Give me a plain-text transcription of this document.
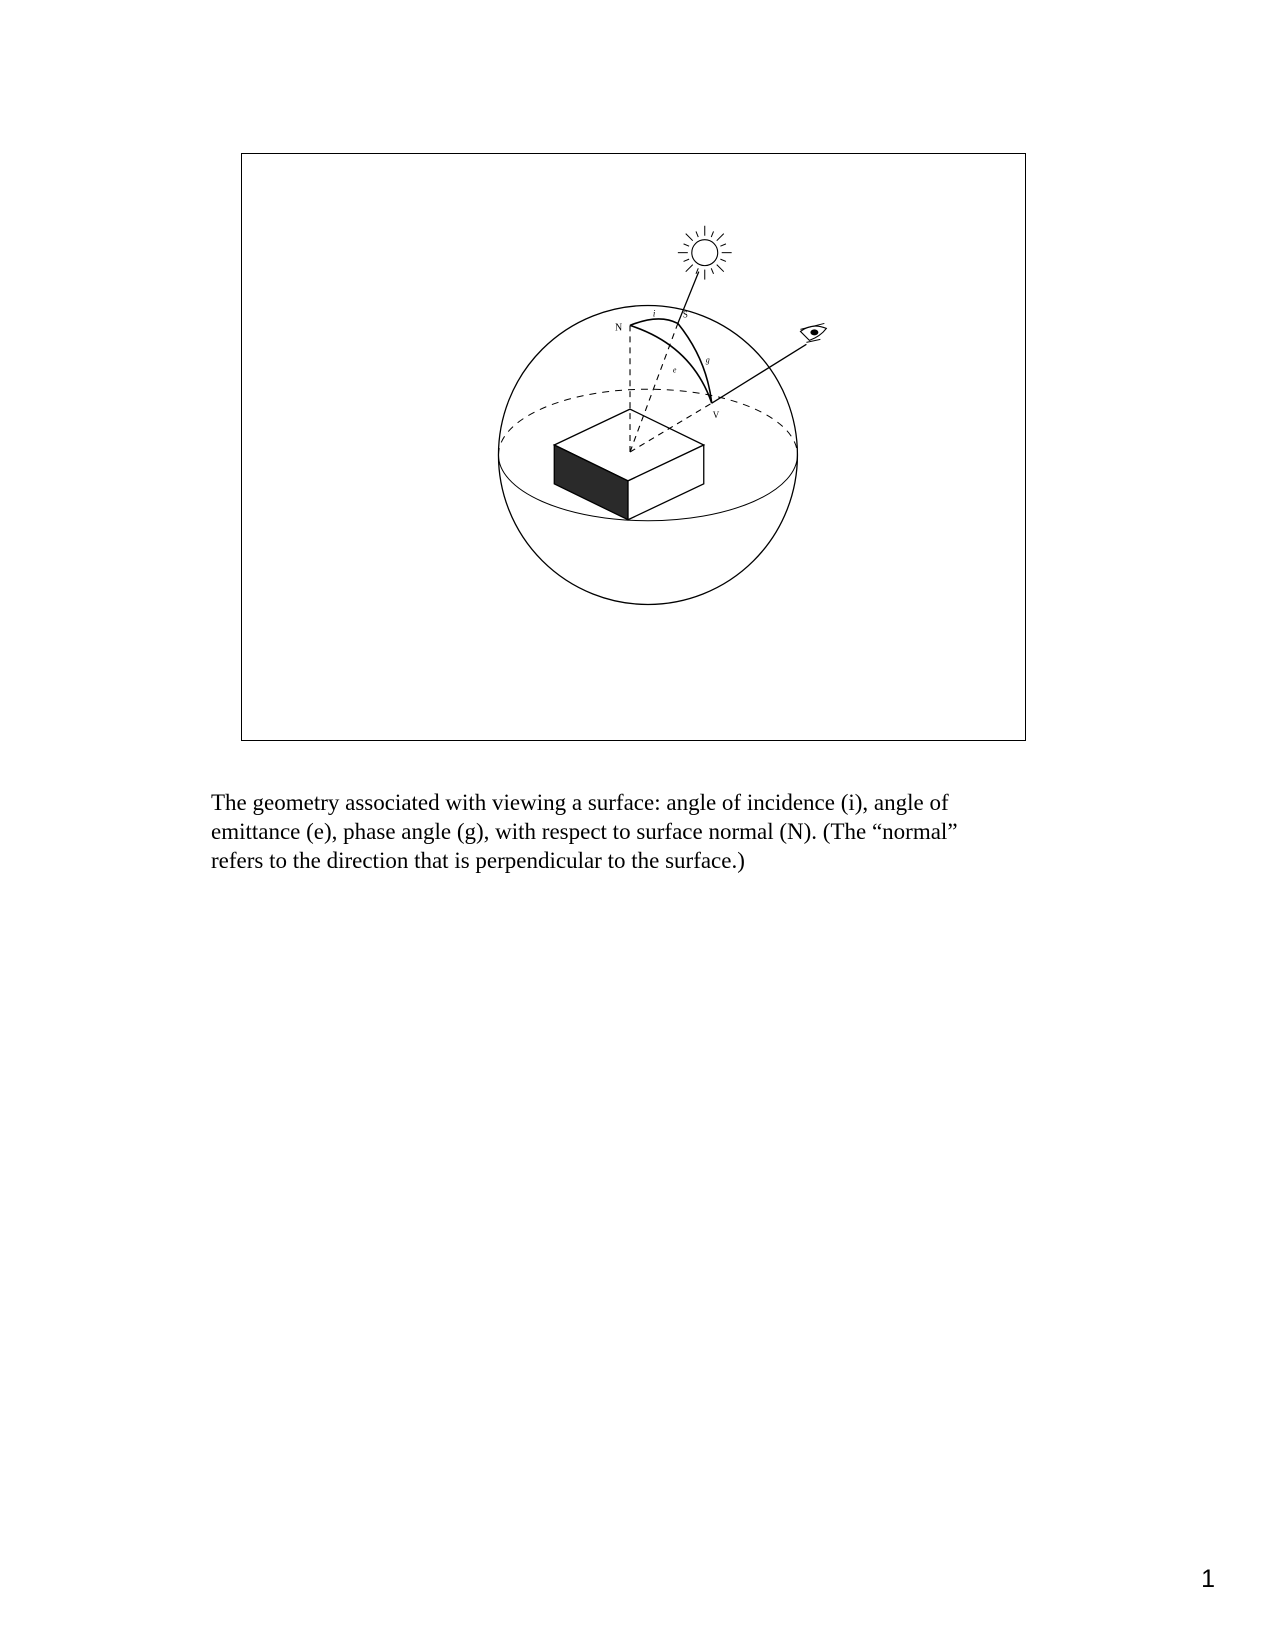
N
i	S
e
g
V
The geometry associated with viewing a surface: angle of incidence (i), angle of
emittance (e), phase angle (g), with respect to surface normal (N). (The “normal”
refers to the direction that is perpendicular to the surface.)
1
